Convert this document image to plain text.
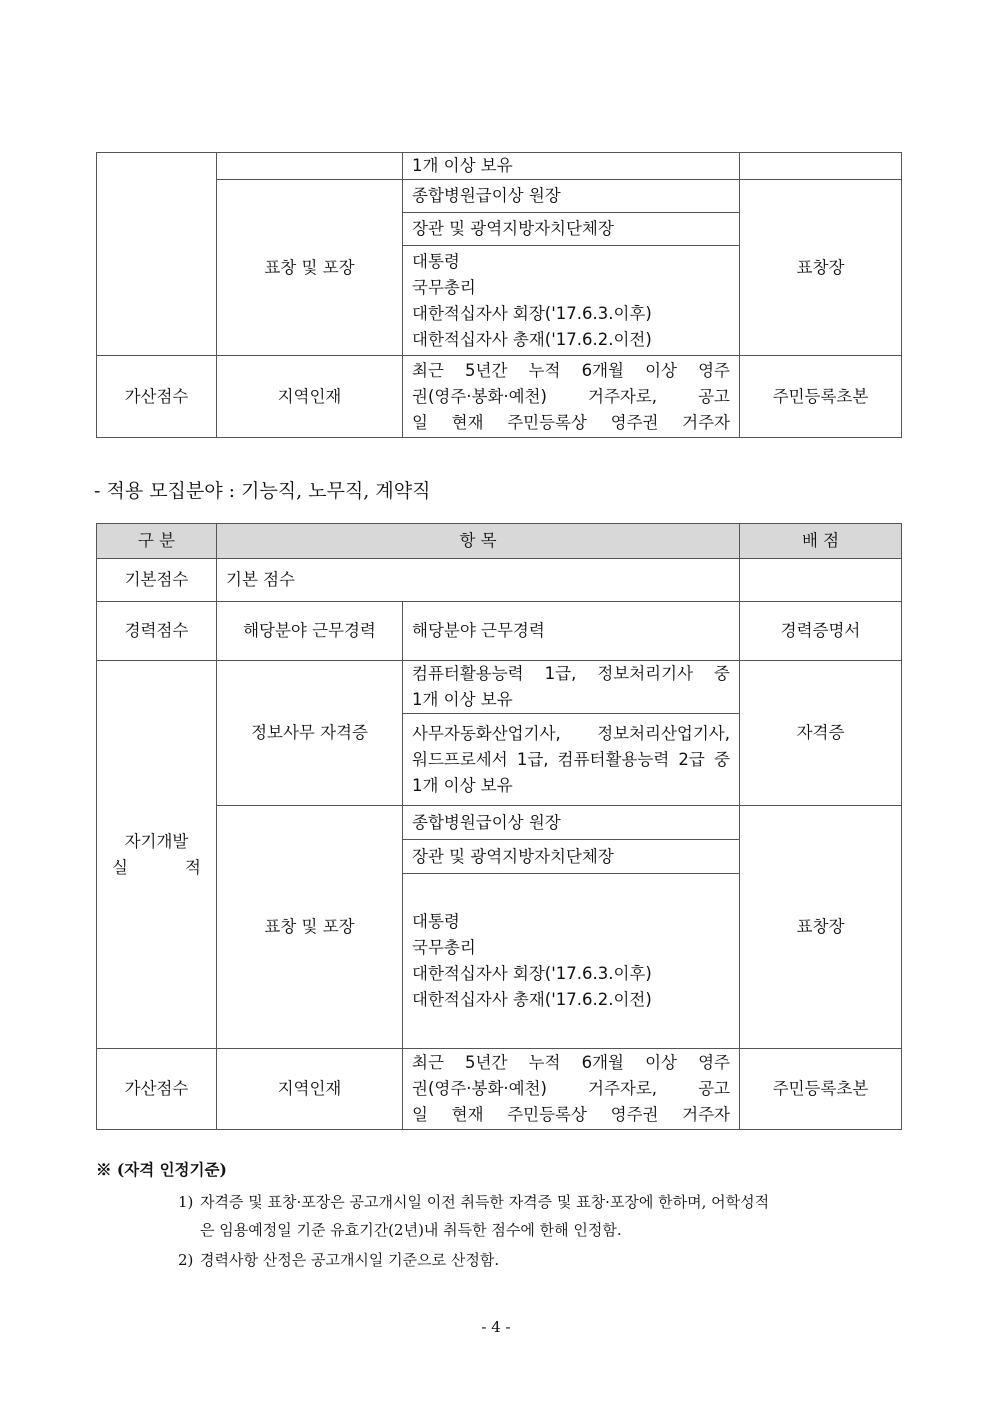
		1개 이상 보유	
	표창 및 포장	종합병원급이상 원장	표창장
		장관 및 광역지방자치단체장	

		대통령
국무총리
대한적십자사 회장('17.6.3.이후)
대한적십자사 총재('17.6.2.이전)	

가산점수	지역인재	최근 5년간 누적 6개월 이상 영주
권(영주·봉화·예천) 거주자로, 공고
일 현재 주민등록상 영주권 거주자	주민등록초본

- 적용 모집분야 : 기능직, 노무직, 계약직

구 분	항 목		배 점
기본점수	기본 점수		
경력점수	해당분야 근무경력	해당분야 근무경력	경력증명서

자기개발
실 적	정보사무 자격증	컴퓨터활용능력 1급, 정보처리기사 중
1개 이상 보유	자격증

		사무자동화산업기사, 정보처리산업기사,
워드프로세서 1급, 컴퓨터활용능력 2급 중
1개 이상 보유	

	표창 및 포장	종합병원급이상 원장	표창장
		장관 및 광역지방자치단체장	

		대통령
국무총리
대한적십자사 회장('17.6.3.이후)
대한적십자사 총재('17.6.2.이전)	

가산점수	지역인재	최근 5년간 누적 6개월 이상 영주
권(영주·봉화·예천) 거주자로, 공고
일 현재 주민등록상 영주권 거주자	주민등록초본

※ (자격 인정기준)

1) 자격증 및 표창·포장은 공고개시일 이전 취득한 자격증 및 표창·포장에 한하며, 어학성적
은 임용예정일 기준 유효기간(2년)내 취득한 점수에 한해 인정함.

2) 경력사항 산정은 공고개시일 기준으로 산정함.

- 4 -
